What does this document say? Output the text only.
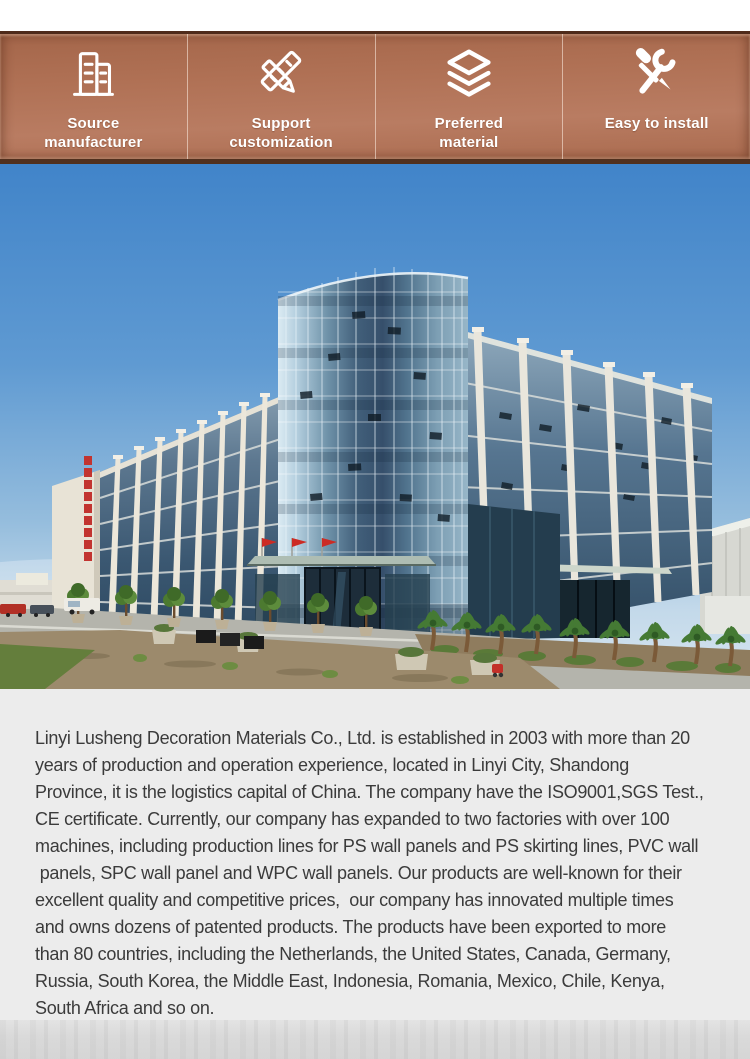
Source
manufacturer
Support
customization
Preferred
material
Easy to install
Linyi Lusheng Decoration Materials Co., Ltd. is established in 2003 with more than 20
years of production and operation experience, located in Linyi City, Shandong
Province, it is the logistics capital of China. The company have the ISO9001,SGS Test.,
CE certificate. Currently, our company has expanded to two factories with over 100
machines, including production lines for PS wall panels and PS skirting lines, PVC wall
panels, SPC wall panel and WPC wall panels. Our products are well-known for their
excellent quality and competitive prices,  our company has innovated multiple times
and owns dozens of patented products. The products have been exported to more
than 80 countries, including the Netherlands, the United States, Canada, Germany,
Russia, South Korea, the Middle East, Indonesia, Romania, Mexico, Chile, Kenya,
South Africa and so on.
